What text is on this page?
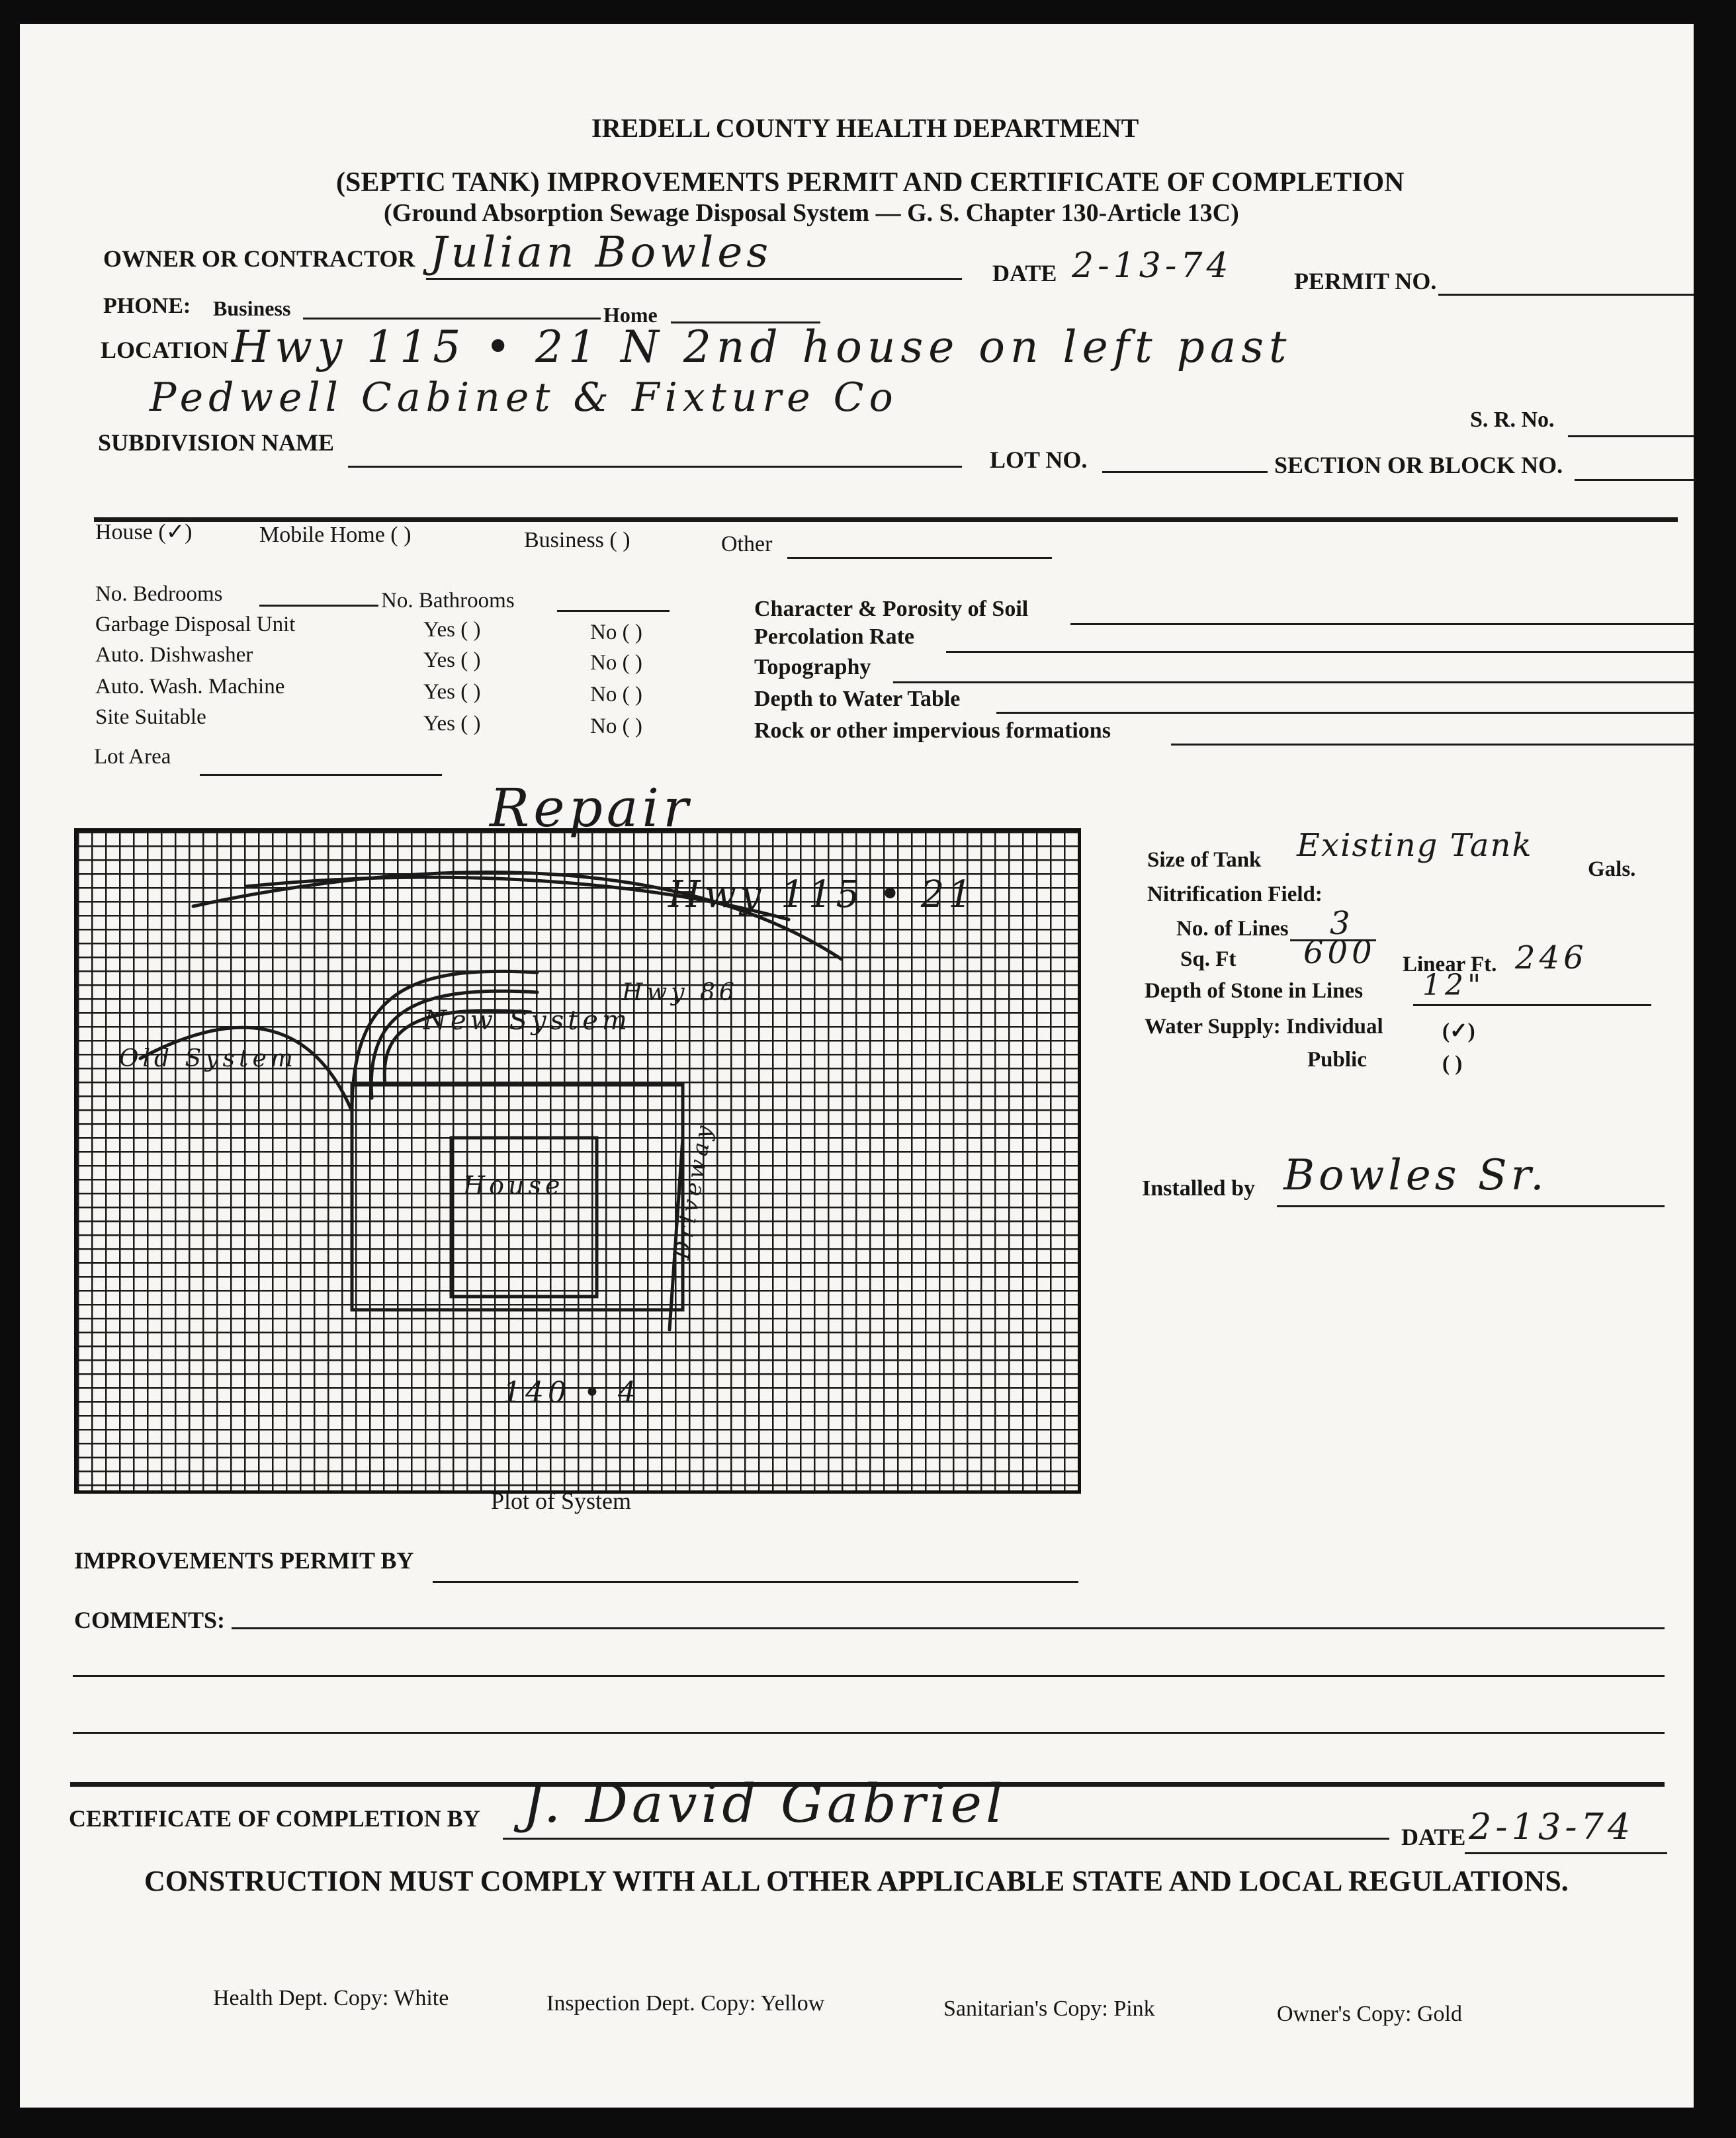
IREDELL COUNTY HEALTH DEPARTMENT
(SEPTIC TANK) IMPROVEMENTS PERMIT AND CERTIFICATE OF COMPLETION
(Ground Absorption Sewage Disposal System — G. S. Chapter 130-Article 13C)
OWNER OR CONTRACTOR Julian Bowles	DATE 2-13-74	PERMIT NO.
PHONE: Business	Home
LOCATION Hwy 115 • 21 N 2nd house on left past
Pedwell Cabinet & Fixture Co	S. R. No.
SUBDIVISION NAME
LOT NO.	SECTION OR BLOCK NO.
House (✓)	Mobile Home ( )	Business ( )	Other
No. Bedrooms	No. Bathrooms
Garbage Disposal Unit	Yes ( )	No ( )
Auto. Dishwasher	Yes ( )	No ( )
Auto. Wash. Machine	Yes ( )	No ( )
Site Suitable	Yes ( )	No ( )
Lot Area
Character & Porosity of Soil
Percolation Rate
Topography
Depth to Water Table
Rock or other impervious formations
Repair
Hwy 115 • 21
Old System
New System
House
Hwy 86
Driveway
140 • 4
Plot of System
Size of Tank Existing Tank
Gals.
Nitrification Field:
No. of Lines 3
Sq. Ft 600 Linear Ft. 246
Depth of Stone in Lines 12"
Water Supply: Individual	(✓)
Public	( )
Installed by Bowles Sr.
IMPROVEMENTS PERMIT BY
COMMENTS:
CERTIFICATE OF COMPLETION BY J. David Gabriel
DATE 2-13-74
CONSTRUCTION MUST COMPLY WITH ALL OTHER APPLICABLE STATE AND LOCAL REGULATIONS.
Health Dept. Copy: White	Inspection Dept. Copy: Yellow	Sanitarian's Copy: Pink	Owner's Copy: Gold
